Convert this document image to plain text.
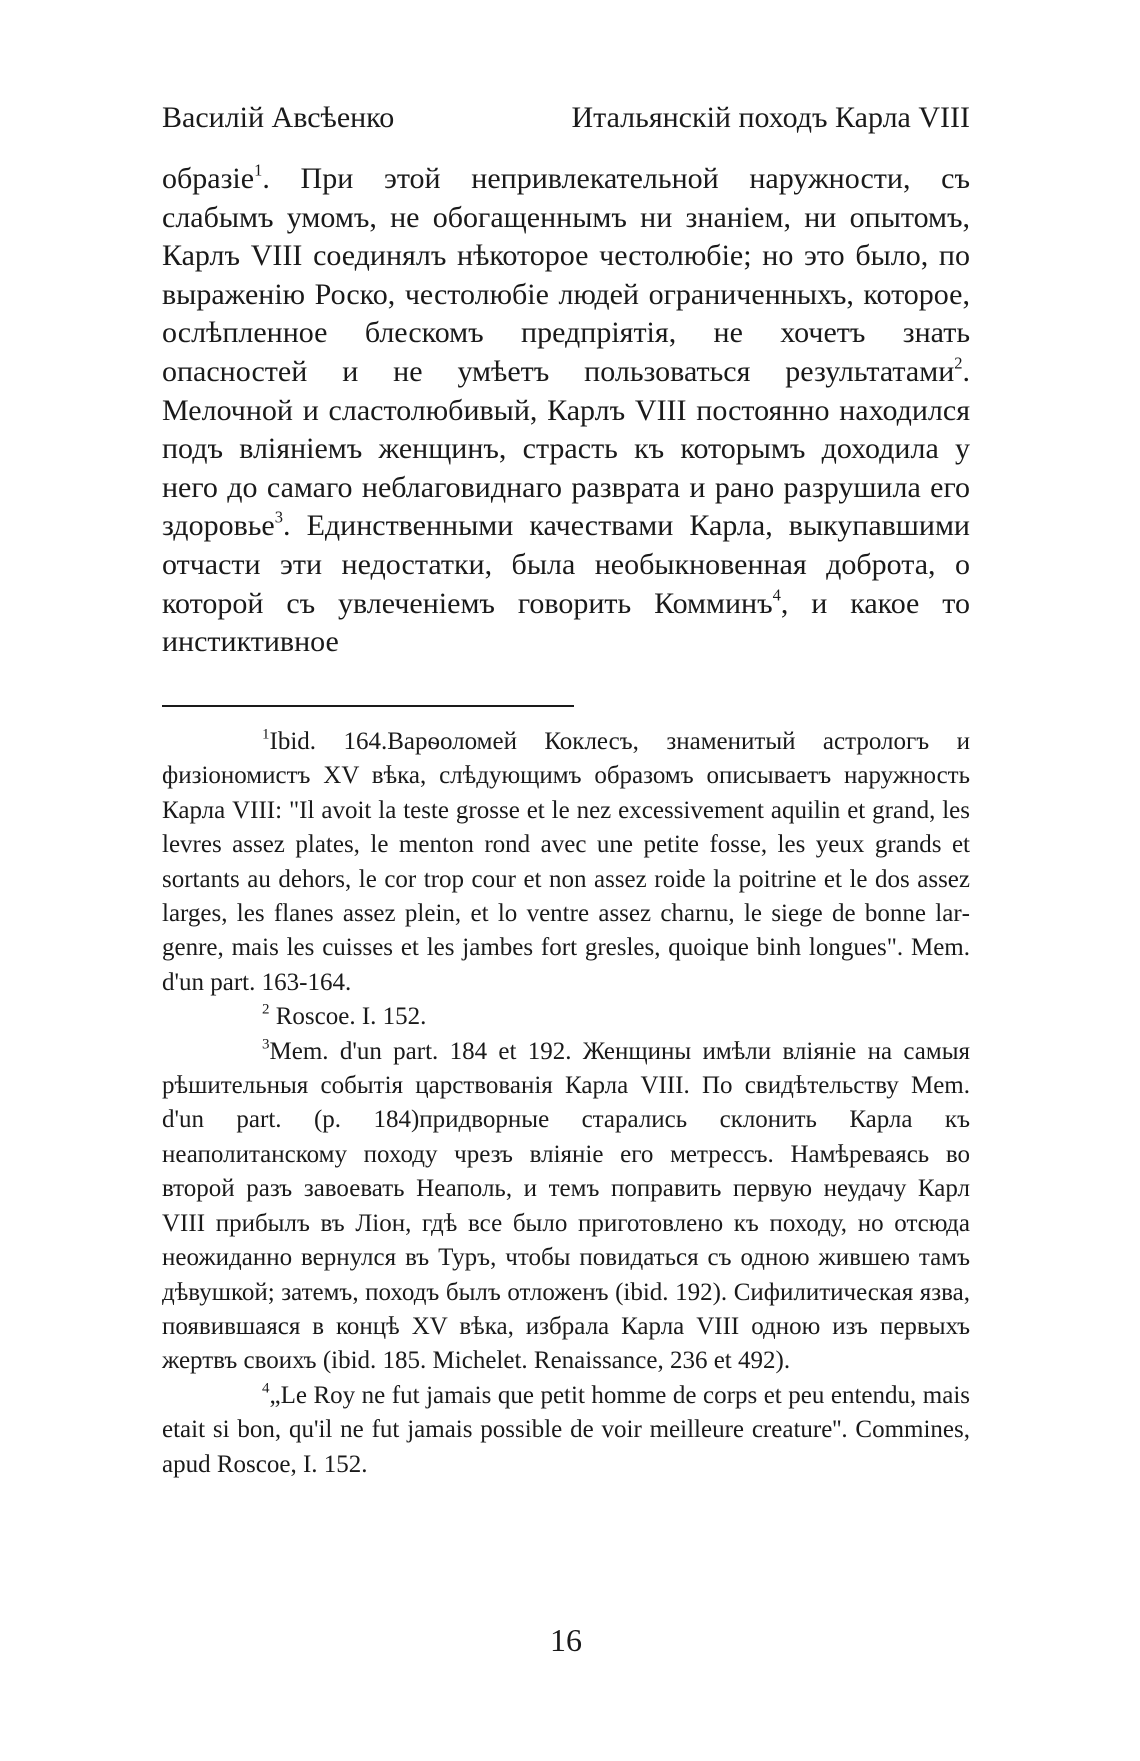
Василій Авсѣенко	Итальянскій походъ Карла VIII

образіе$^1$. При этой непривлекательной наружности, съ слабымъ умомъ, не обогащеннымъ ни знаніем, ни опытомъ, Карлъ VIII соединялъ нѣкоторое честолюбіе; но это было, по выраженію Роско, честолюбіе людей ограниченныхъ, которое, ослѣпленное блескомъ предпріятія, не хочетъ знать опасностей и не умѣетъ пользоваться результатами$^2$. Мелочной и сластолюбивый, Карлъ VIII постоянно находился подъ вліяніемъ женщинъ, страсть къ которымъ доходила у него до самаго неблаговиднаго разврата и рано разрушила его здоровье$^3$. Единственными качествами Карла, выкупавшими отчасти эти недостатки, была необыкновенная доброта, о которой съ увлеченіемъ говорить Комминъ$^4$, и какое то инстиктивное

$^1$Ibid. 164.Варѳоломей Коклесъ, знаменитый астрологъ и физіономистъ XV вѣка, слѣдующимъ образомъ описываетъ наружность Карла VIII: "Il avoit la teste grosse et le nez excessivement aquilin et grand, les levres assez plates, le menton rond avec une petite fosse, les yeux grands et sortants au dehors, le cor trop cour et non assez roide la poitrine et le dos assez larges, les flanes assez plein, et lo ventre assez charnu, le siege de bonne largenre, mais les cuisses et les jambes fort gresles, quoique binh longues". Mem. d'un part. 163-164.

$^2$ Roscoe. I. 152.

$^3$Mem. d'un part. 184 et 192. Женщины имѣли вліяніе на самыя рѣшительныя событія царствованія Карла VIII. По свидѣтельству Mem. d'un part. (p. 184)придворные старались склонить Карла къ неаполитанскому походу чрезъ вліяніе его метрессъ. Намѣреваясь во второй разъ завоевать Неаполь, и темъ поправить первую неудачу Карл VIII прибылъ въ Ліон, гдѣ все было приготовлено къ походу, но отсюда неожиданно вернулся въ Туръ, чтобы повидаться съ одною жившею тамъ дѣвушкой; затемъ, походъ былъ отложенъ (ibid. 192). Сифилитическая язва, появившаяся в концѣ XV вѣка, избрала Карла VIII одною изъ первыхъ жертвъ своихъ (ibid. 185. Michelet. Renaissance, 236 et 492).

$^4$„Le Roy ne fut jamais que petit homme de corps et peu entendu, mais etait si bon, qu'il ne fut jamais possible de voir meilleure creature''. Commines, apud Roscoe, I. 152.

16
